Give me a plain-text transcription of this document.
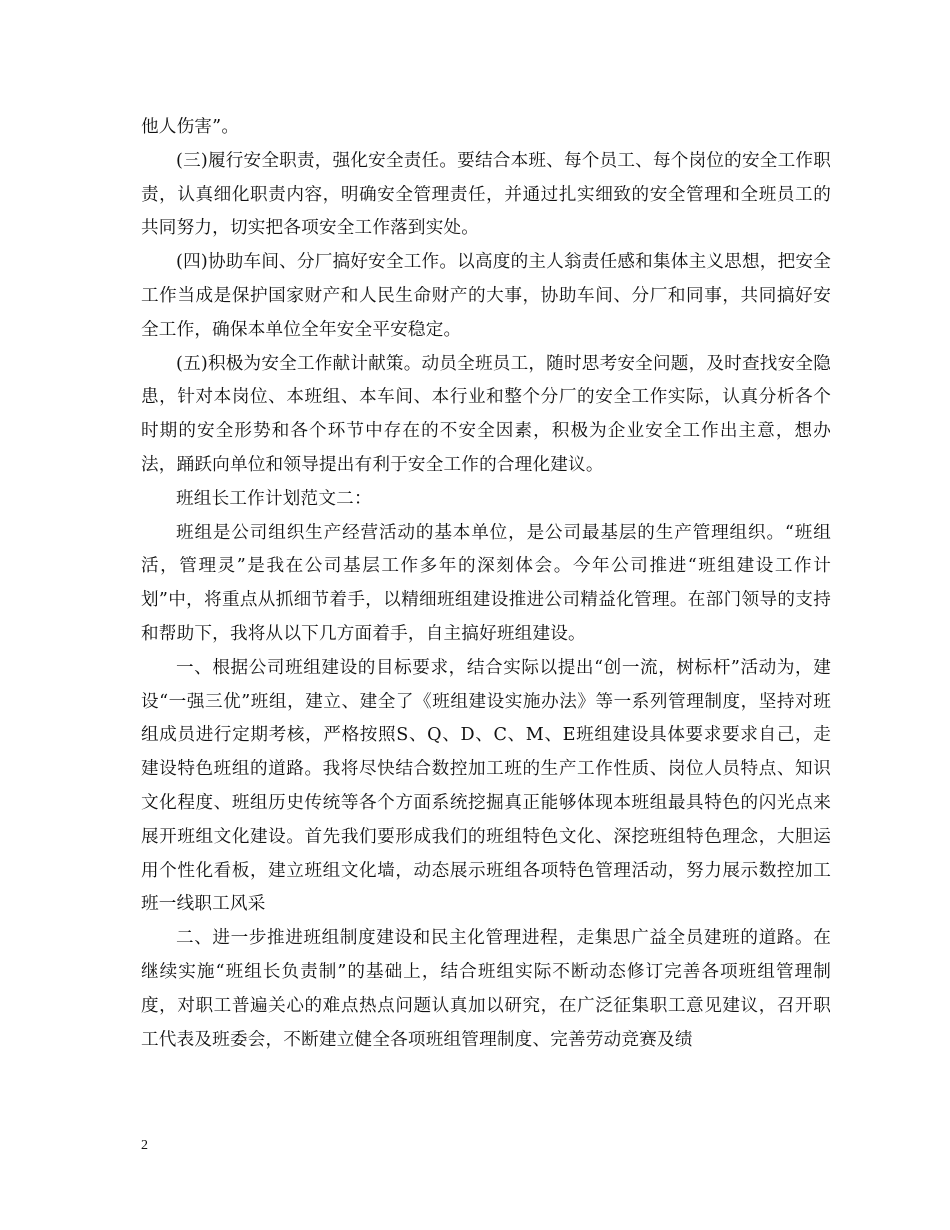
他人伤害”。

(三)履行安全职责，强化安全责任。要结合本班、每个员工、每个岗位的安全工作职责，认真细化职责内容，明确安全管理责任，并通过扎实细致的安全管理和全班员工的共同努力，切实把各项安全工作落到实处。

(四)协助车间、分厂搞好安全工作。以高度的主人翁责任感和集体主义思想，把安全工作当成是保护国家财产和人民生命财产的大事，协助车间、分厂和同事，共同搞好安全工作，确保本单位全年安全平安稳定。

(五)积极为安全工作献计献策。动员全班员工，随时思考安全问题，及时查找安全隐患，针对本岗位、本班组、本车间、本行业和整个分厂的安全工作实际，认真分析各个时期的安全形势和各个环节中存在的不安全因素，积极为企业安全工作出主意，想办法，踊跃向单位和领导提出有利于安全工作的合理化建议。

班组长工作计划范文二：

班组是公司组织生产经营活动的基本单位，是公司最基层的生产管理组织。“班组活，管理灵”是我在公司基层工作多年的深刻体会。今年公司推进“班组建设工作计划”中，将重点从抓细节着手，以精细班组建设推进公司精益化管理。在部门领导的支持和帮助下，我将从以下几方面着手，自主搞好班组建设。

一、根据公司班组建设的目标要求，结合实际以提出“创一流，树标杆”活动为，建设“一强三优”班组，建立、建全了《班组建设实施办法》等一系列管理制度，坚持对班组成员进行定期考核，严格按照S、Q、D、C、M、E班组建设具体要求要求自己，走建设特色班组的道路。我将尽快结合数控加工班的生产工作性质、岗位人员特点、知识文化程度、班组历史传统等各个方面系统挖掘真正能够体现本班组最具特色的闪光点来展开班组文化建设。首先我们要形成我们的班组特色文化、深挖班组特色理念，大胆运用个性化看板，建立班组文化墙，动态展示班组各项特色管理活动，努力展示数控加工班一线职工风采

二、进一步推进班组制度建设和民主化管理进程，走集思广益全员建班的道路。在继续实施“班组长负责制”的基础上，结合班组实际不断动态修订完善各项班组管理制度，对职工普遍关心的难点热点问题认真加以研究，在广泛征集职工意见建议，召开职工代表及班委会，不断建立健全各项班组管理制度、完善劳动竞赛及绩

2
